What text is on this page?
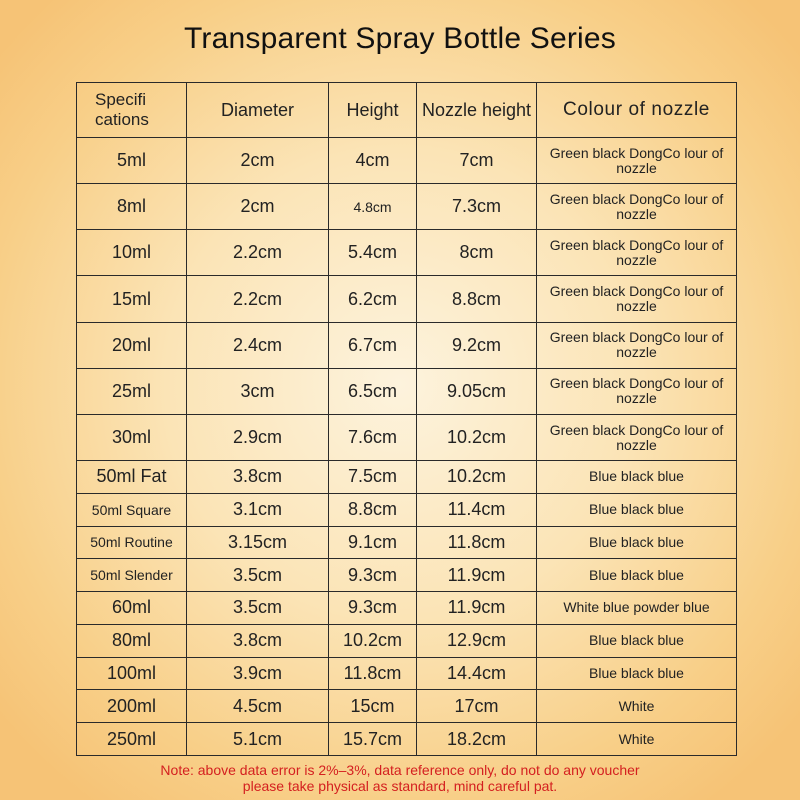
Transparent Spray Bottle Series
Specifi cations	Diameter	Height	Nozzle height	Colour of nozzle
5ml	2cm	4cm	7cm	Green black DongCo lour of nozzle
8ml	2cm	4.8cm	7.3cm	Green black DongCo lour of nozzle
10ml	2.2cm	5.4cm	8cm	Green black DongCo lour of nozzle
15ml	2.2cm	6.2cm	8.8cm	Green black DongCo lour of nozzle
20ml	2.4cm	6.7cm	9.2cm	Green black DongCo lour of nozzle
25ml	3cm	6.5cm	9.05cm	Green black DongCo lour of nozzle
30ml	2.9cm	7.6cm	10.2cm	Green black DongCo lour of nozzle
50ml Fat	3.8cm	7.5cm	10.2cm	Blue black blue
50ml Square	3.1cm	8.8cm	11.4cm	Blue black blue
50ml Routine	3.15cm	9.1cm	11.8cm	Blue black blue
50ml Slender	3.5cm	9.3cm	11.9cm	Blue black blue
60ml	3.5cm	9.3cm	11.9cm	White blue powder blue
80ml	3.8cm	10.2cm	12.9cm	Blue black blue
100ml	3.9cm	11.8cm	14.4cm	Blue black blue
200ml	4.5cm	15cm	17cm	White
250ml	5.1cm	15.7cm	18.2cm	White
Note: above data error is 2%–3%, data reference only, do not do any voucher
please take physical as standard, mind careful pat.
